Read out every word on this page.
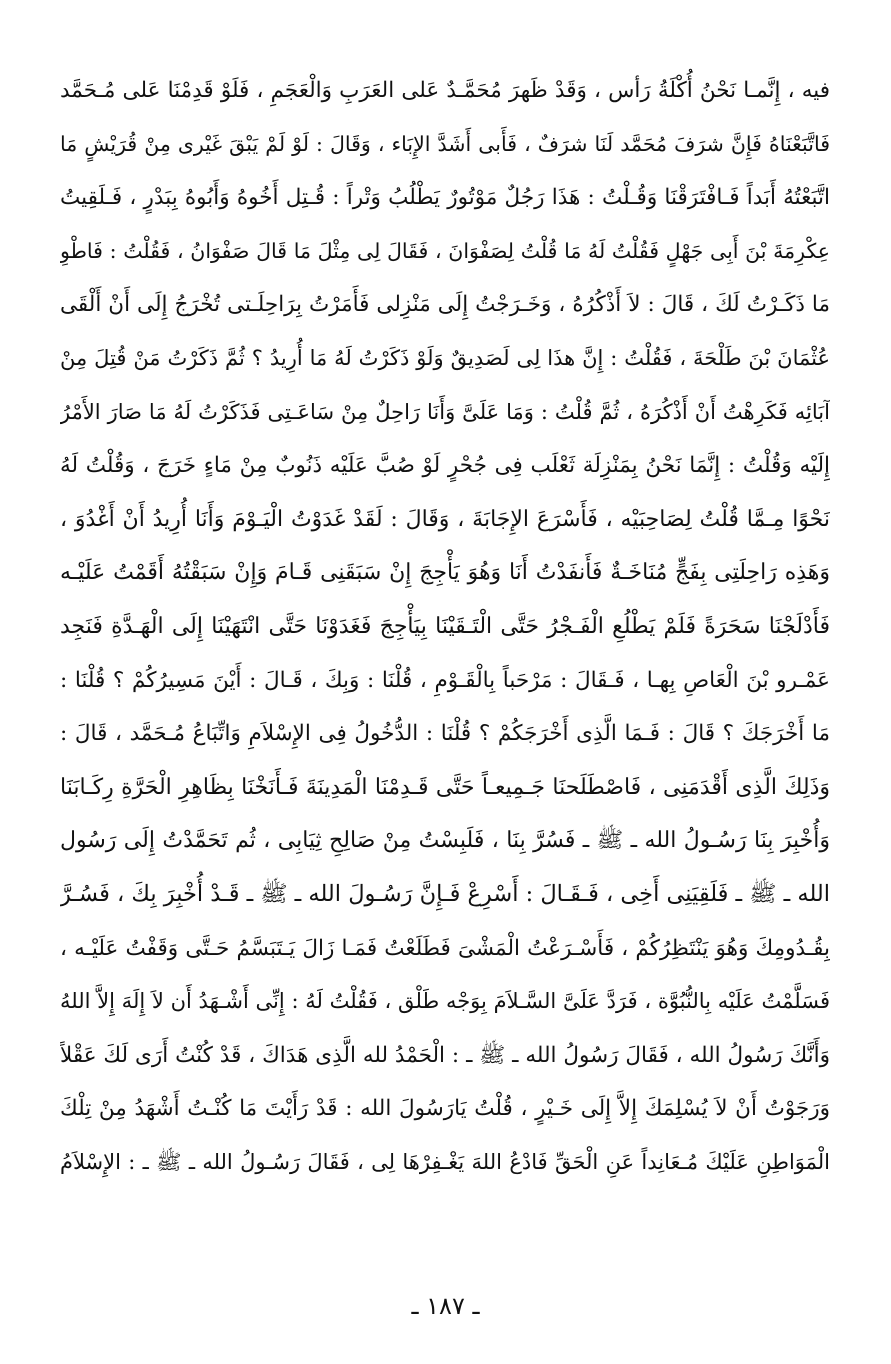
فيه ، إِنَّمـا نَحْنُ أُكْلَةُ رَأس ، وَقَدْ ظَهرَ مُحَمَّـدٌ عَلى العَرَبِ وَالْعَجَمِ ، فَلَوْ قَدِمْنَا عَلى مُـحَمَّد
فَاتَّبَعْنَاهُ فَإِنَّ شرَفَ مُحَمَّد لَنَا شرَفٌ ، فَأَبى أَشَدَّ الإِبَاء ، وَقَالَ : لَوْ لَمْ يَبْقَ غَيْرى مِنْ قُرَيْشٍ مَا
اتَّبَعْتُهُ أَبَداً فَـافْتَرَقْنَا وَقُـلْتُ : هَذَا رَجُلٌ مَوْتُورٌ يَطْلُبُ وَتْراً : قُـتِل أَخُوهُ وَأَبُوهُ بِبَدْرٍ ، فَـلَقِيتُ
عِكْرِمَةَ بْنَ أَبِى جَهْلٍ فَقُلْتُ لَهُ مَا قُلْتُ لِصَفْوَانَ ، فَقَالَ لِى مِثْلَ مَا قَالَ صَفْوَانُ ، فَقُلْتُ : فَاطْوِ
مَا ذَكَـرْتُ لَكَ ، قَالَ : لاَ أَذْكُرُهُ ، وَخَـرَجْتُ إِلَى مَنْزِلى فَأَمَرْتُ بِرَاحِلَـتى تُخْرَجُ إِلَى أَنْ أَلْقَى
عُثْمَانَ بْنَ طَلْحَةَ ، فَقُلْتُ : إِنَّ هذَا لِى لَصَدِيقٌ وَلَوْ ذَكَرْتُ لَهُ مَا أُرِيدُ ؟ ثُمَّ ذَكَرْتُ مَنْ قُتِلَ مِنْ
آبَائِه فَكَرِهْتُ أَنْ أَذْكُرَهُ ، ثُمَّ قُلْتُ : وَمَا عَلَىَّ وَأَنَا رَاحِلٌ مِنْ سَاعَـتِى فَذَكَرْتُ لَهُ مَا صَارَ الأَمْرُ
إِلَيْه وَقُلْتُ : إِنَّمَا نَحْنُ بِمَنْزِلَة ثَعْلَب فِى جُحْرٍ لَوْ صُبَّ عَلَيْه ذَنُوبٌ مِنْ مَاءٍ خَرَجَ ، وَقُلْتُ لَهُ
نَحْوًا مِـمَّا قُلْتُ لِصَاحِبَيْه ، فَأَسْرَعَ الإِجَابَةَ ، وَقَالَ : لَقَدْ غَدَوْتُ الْيَـوْمَ وَأَنَا أُرِيدُ أَنْ أَغْدُوَ ،
وَهَذِه رَاحِلَتِى بِفَجٍّ مُنَاخَـةٌ فَأَنفَدْتُ أَنَا وَهُوَ يَأْجِجَ إِنْ سَبَقَنِى قَـامَ وَإِنْ سَبَقْتُهُ أَقَمْتُ عَلَيْـه
فَأَدْلَجْنَا سَحَرَةً فَلَمْ يَطْلُعِ الْفَـجْرُ حَتَّى الْتَـقَيْنَا بِيَأْجِجَ فَغَدَوْنَا حَتَّى انْتَهَيْنَا إِلَى الْهَـدَّةِ فَنَجِد
عَمْـرو بْنَ الْعَاصِ بِهـا ، فَـقَالَ : مَرْحَباً بِالْقَـوْمِ ، قُلْنَا : وَبِكَ ، قَـالَ : أَيْنَ مَسِيرُكُمْ ؟ قُلْنَا :
مَا أَخْرَجَكَ ؟ قَالَ : فَـمَا الَّذِى أَخْرَجَكُمْ ؟ قُلْنَا : الدُّخُولُ فِى الإِسْلاَمِ وَاتِّبَاعُ مُـحَمَّد ، قَالَ :
وَذَلِكَ الَّذِى أَقْدَمَنِى ، فَاصْطَلَحنَا جَـمِيعـاً حَتَّى قَـدِمْنَا الْمَدِينَةَ فَـأَنَخْنَا بِظَاهِرِ الْحَرَّةِ رِكَـابَنَا
وَأُخْبِرَ بِنَا رَسُـولُ الله ـ ﷺ ـ فَسُرَّ بِنَا ، فَلَبِسْتُ مِنْ صَالِحِ ثِيَابِى ، ثُم تَحَمَّدْتُ إِلَى رَسُول
الله ـ ﷺ ـ فَلَقِيَنِى أَخِى ، فَـقَـالَ : أَسْرِعْ فَـإِنَّ رَسُـولَ الله ـ ﷺ ـ قَـدْ أُخْبِرَ بِكَ ، فَسُـرَّ
بِقُـدُومِكَ وَهُوَ يَنْتَظِرُكُمْ ، فَأَسْـرَعْتُ الْمَشْىَ فَطَلَعْتُ فَمَـا زَالَ يَـتَبَسَّمُ حَـتَّى وَقَفْتُ عَلَيْـه ،
فَسَلَّمْتُ عَلَيْه بِالنُّبُوَّة ، فَرَدَّ عَلَىَّ السَّـلاَمَ بِوَجْه طَلْق ، فَقُلْتُ لَهُ : إِنِّى أَشْـهَدُ أَن لاَ إِلَهَ إِلاَّ اللهُ
وَأَنَّكَ رَسُولُ الله ، فَقَالَ رَسُولُ الله ـ ﷺ ـ : الْحَمْدُ لله الَّذِى هَدَاكَ ، قَدْ كُنْتُ أَرَى لَكَ عَقْلاً
وَرَجَوْتُ أَنْ لاَ يُسْلِمَكَ إِلاَّ إِلَى خَـيْرٍ ، قُلْتُ يَارَسُولَ الله : قَدْ رَأَيْتَ مَا كُنْـتُ أَشْهَدُ مِنْ تِلْكَ
الْمَوَاطِنِ عَلَيْكَ مُـعَانِداً عَنِ الْحَقِّ فَادْعُ اللهَ يَغْـفِرْهَا لِى ، فَقَالَ رَسُـولُ الله ـ ﷺ ـ : الإِسْلاَمُ
ـ ١٨٧ ـ
